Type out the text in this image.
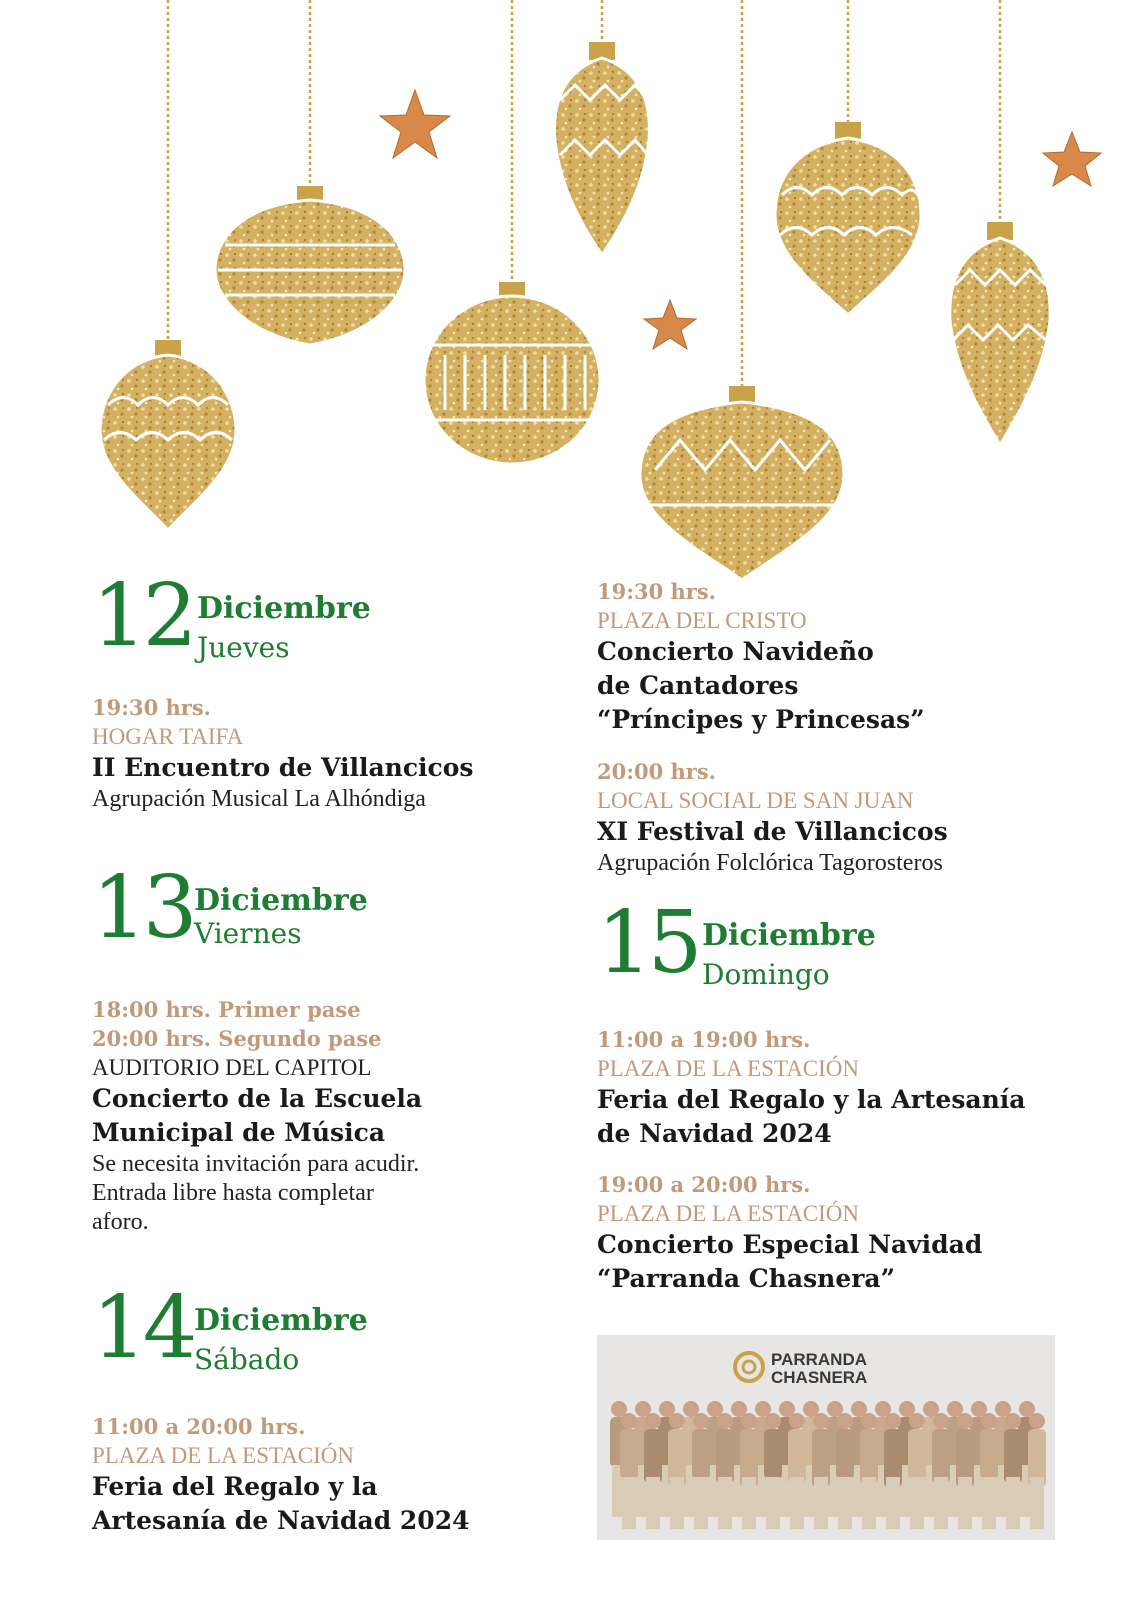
12 Diciembre
Jueves
19:30 hrs.
HOGAR TAIFA
II Encuentro de Villancicos
Agrupación Musical La Alhóndiga
13 Diciembre
Viernes
18:00 hrs. Primer pase
20:00 hrs. Segundo pase
AUDITORIO DEL CAPITOL
Concierto de la Escuela
Municipal de Música
Se necesita invitación para acudir.
Entrada libre hasta completar
aforo.
14 Diciembre
Sábado
11:00 a 20:00 hrs.
PLAZA DE LA ESTACIÓN
Feria del Regalo y la
Artesanía de Navidad 2024
19:30 hrs.
PLAZA DEL CRISTO
Concierto Navideño
de Cantadores
“Príncipes y Princesas”
20:00 hrs.
LOCAL SOCIAL DE SAN JUAN
XI Festival de Villancicos
Agrupación Folclórica Tagorosteros
15 Diciembre
Domingo
11:00 a 19:00 hrs.
PLAZA DE LA ESTACIÓN
Feria del Regalo y la Artesanía
de Navidad 2024
19:00 a 20:00 hrs.
PLAZA DE LA ESTACIÓN
Concierto Especial Navidad
“Parranda Chasnera”
PARRANDA
CHASNERA
